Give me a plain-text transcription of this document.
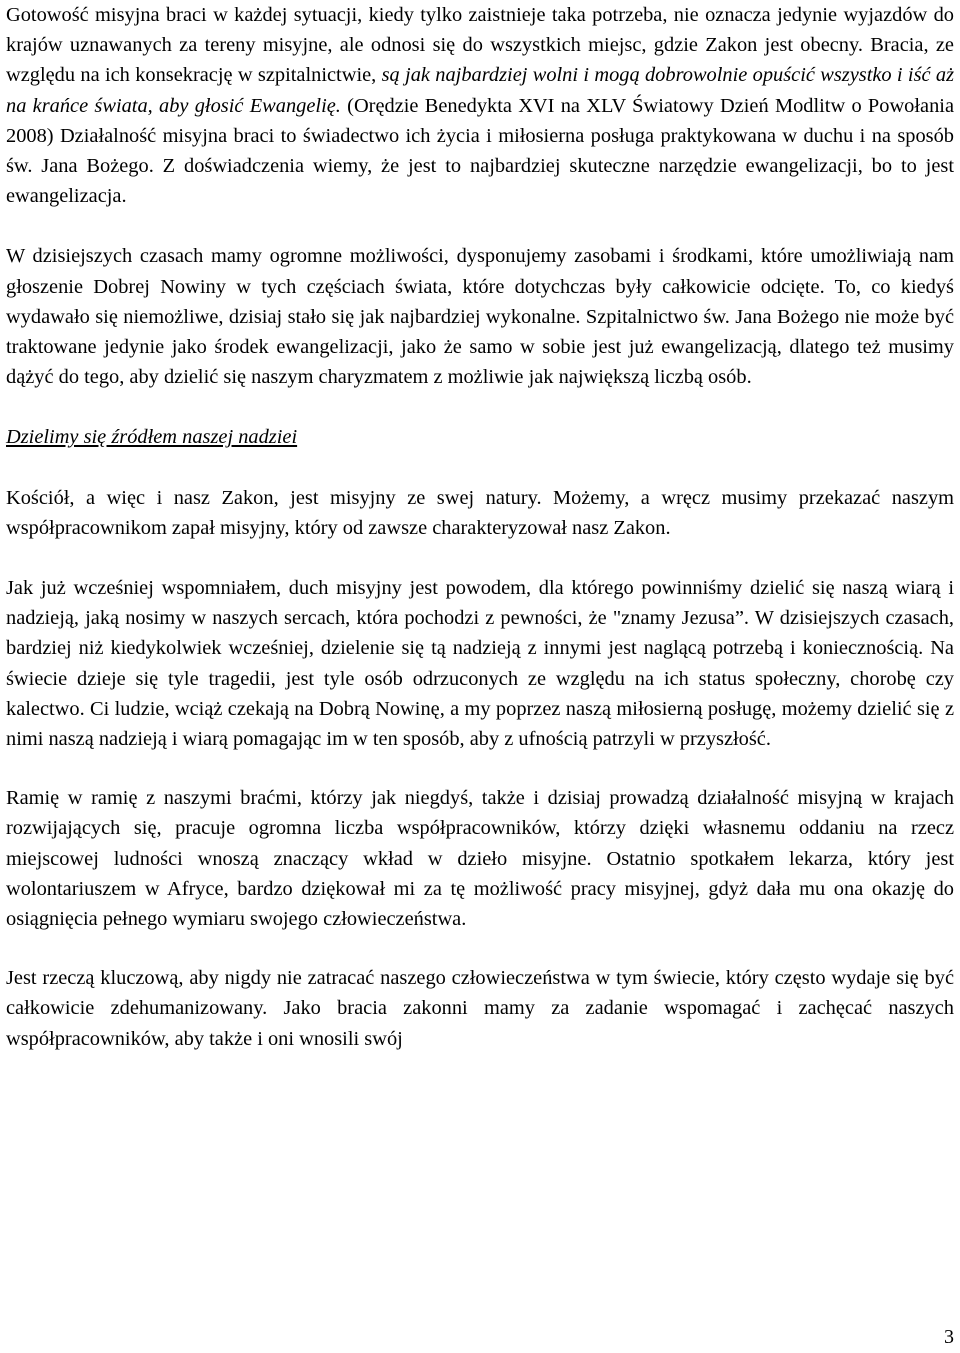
Gotowość misyjna braci w każdej sytuacji, kiedy tylko zaistnieje taka potrzeba, nie oznacza jedynie wyjazdów do krajów uznawanych za tereny misyjne, ale odnosi się do wszystkich miejsc, gdzie Zakon jest obecny. Bracia, ze względu na ich konsekrację w szpitalnictwie, są jak najbardziej wolni i mogą dobrowolnie opuścić wszystko i iść aż na krańce świata, aby głosić Ewangelię. (Orędzie Benedykta XVI na XLV Światowy Dzień Modlitw o Powołania 2008) Działalność misyjna braci to świadectwo ich życia i miłosierna posługa praktykowana w duchu i na sposób św. Jana Bożego. Z doświadczenia wiemy, że jest to najbardziej skuteczne narzędzie ewangelizacji, bo to jest ewangelizacja.

W dzisiejszych czasach mamy ogromne możliwości, dysponujemy zasobami i środkami, które umożliwiają nam głoszenie Dobrej Nowiny w tych częściach świata, które dotychczas były całkowicie odcięte. To, co kiedyś wydawało się niemożliwe, dzisiaj stało się jak najbardziej wykonalne. Szpitalnictwo św. Jana Bożego nie może być traktowane jedynie jako środek ewangelizacji, jako że samo w sobie jest już ewangelizacją, dlatego też musimy dążyć do tego, aby dzielić się naszym charyzmatem z możliwie jak największą liczbą osób.

Dzielimy się źródłem naszej nadziei

Kościół, a więc i nasz Zakon, jest misyjny ze swej natury. Możemy, a wręcz musimy przekazać naszym współpracownikom zapał misyjny, który od zawsze charakteryzował nasz Zakon.

Jak już wcześniej wspomniałem, duch misyjny jest powodem, dla którego powinniśmy dzielić się naszą wiarą i nadzieją, jaką nosimy w naszych sercach, która pochodzi z pewności, że "znamy Jezusa”. W dzisiejszych czasach, bardziej niż kiedykolwiek wcześniej, dzielenie się tą nadzieją z innymi jest naglącą potrzebą i koniecznością. Na świecie dzieje się tyle tragedii, jest tyle osób odrzuconych ze względu na ich status społeczny, chorobę czy kalectwo. Ci ludzie, wciąż czekają na Dobrą Nowinę, a my poprzez naszą miłosierną posługę, możemy dzielić się z nimi naszą nadzieją i wiarą pomagając im w ten sposób, aby z ufnością patrzyli w przyszłość.

Ramię w ramię z naszymi braćmi, którzy jak niegdyś, także i dzisiaj prowadzą działalność misyjną w krajach rozwijających się, pracuje ogromna liczba współpracowników, którzy dzięki własnemu oddaniu na rzecz miejscowej ludności wnoszą znaczący wkład w dzieło misyjne. Ostatnio spotkałem lekarza, który jest wolontariuszem w Afryce, bardzo dziękował mi za tę możliwość pracy misyjnej, gdyż dała mu ona okazję do osiągnięcia pełnego wymiaru swojego człowieczeństwa.

Jest rzeczą kluczową, aby nigdy nie zatracać naszego człowieczeństwa w tym świecie, który często wydaje się być całkowicie zdehumanizowany. Jako bracia zakonni mamy za zadanie wspomagać i zachęcać naszych współpracowników, aby także i oni wnosili swój

3
